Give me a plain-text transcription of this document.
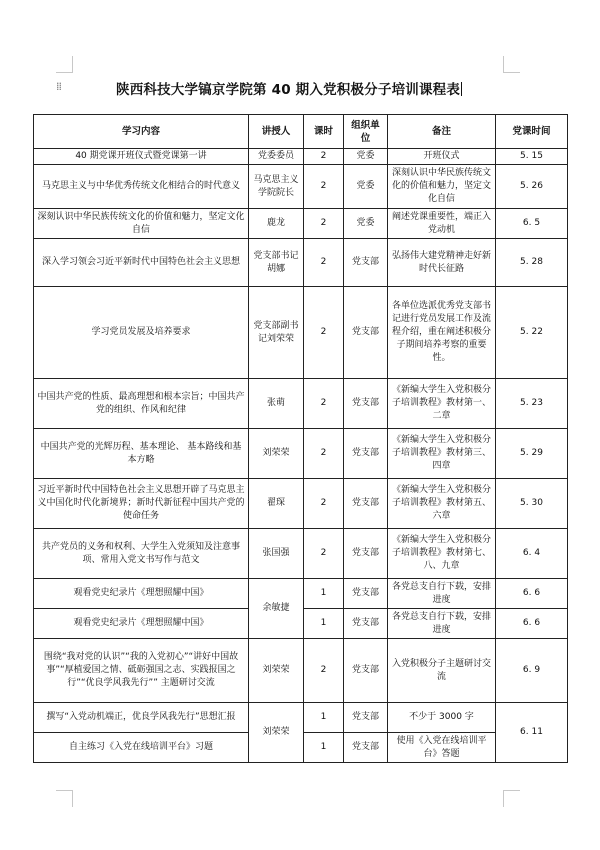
⁞⁞	陕西科技大学镐京学院第 40 期入党积极分子培训课程表
学习内容	讲授人	课时	组织单位	备注	党课时间
40 期党课开班仪式暨党课第一讲	党委委员	2	党委	开班仪式	5. 15
马克思主义与中华优秀传统文化相结合的时代意义	马克思主义学院院长	2	党委	深刻认识中华民族传统文化的价值和魅力，坚定文化自信	5. 26
深刻认识中华民族传统文化的价值和魅力，坚定文化自信	鹿龙	2	党委	阐述党课重要性，端正入党动机	6. 5
深入学习领会习近平新时代中国特色社会主义思想	党支部书记 胡娜	2	党支部	弘扬伟大建党精神走好新时代长征路	5. 28
学习党员发展及培养要求	党支部副书记刘荣荣	2	党支部	各单位选派优秀党支部书记进行党员发展工作及流程介绍，重在阐述积极分子期间培养考察的重要性。	5. 22
中国共产党的性质、最高理想和根本宗旨；中国共产党的组织、作风和纪律	张萌	2	党支部	《新编大学生入党积极分子培训教程》教材第一、二章	5. 23
中国共产党的光辉历程、基本理论、 基本路线和基本方略	刘荣荣	2	党支部	《新编大学生入党积极分子培训教程》教材第三、四章	5. 29
习近平新时代中国特色社会主义思想开辟了马克思主义中国化时代化新境界；新时代新征程中国共产党的使命任务	翟琛	2	党支部	《新编大学生入党积极分子培训教程》教材第五、六章	5. 30
共产党员的义务和权利、大学生入党须知及注意事项、常用入党文书写作与范文	张国强	2	党支部	《新编大学生入党积极分子培训教程》教材第七、八、九章	6. 4
观看党史纪录片《理想照耀中国》	余敏捷	1	党支部	各党总支自行下载，安排进度	6. 6
观看党史纪录片《理想照耀中国》		1	党支部	各党总支自行下载，安排进度	6. 6
围绕“我对党的认识”“我的入党初心”“讲好中国故事”“厚植爱国之情、砥砺强国之志、实践报国之行”“优良学风我先行”” 主题研讨交流	刘荣荣	2	党支部	入党积极分子主题研讨交流	6. 9
撰写“入党动机端正，优良学风我先行”思想汇报	刘荣荣	1	党支部	不少于 3000 字	6. 11
自主练习《入党在线培训平台》习题		1	党支部	使用《入党在线培训平台》答题	
